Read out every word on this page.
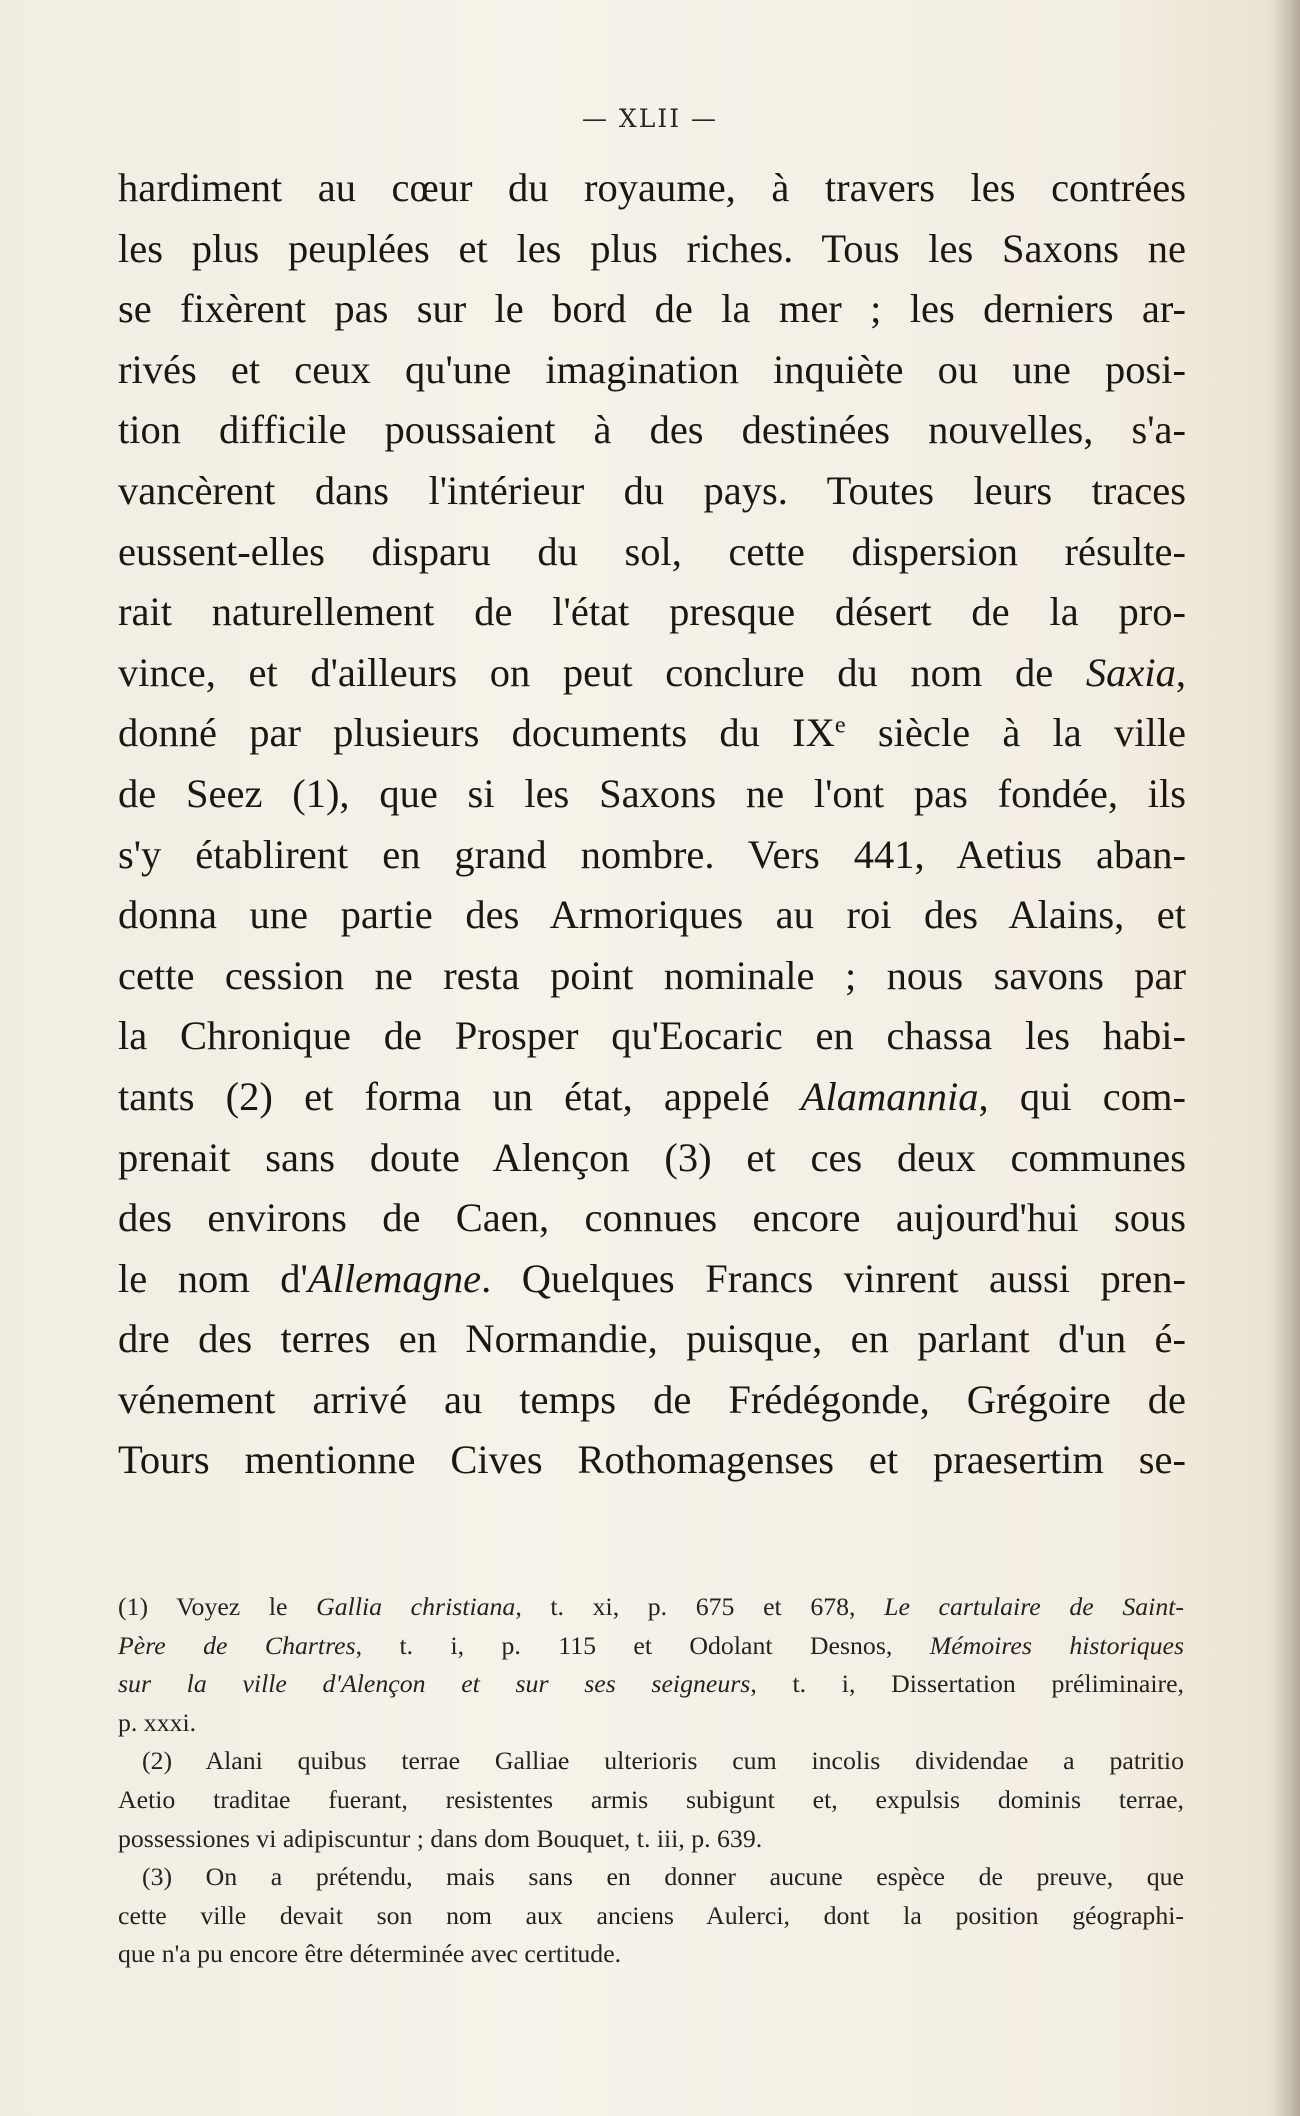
— XLII —
hardiment au cœur du royaume, à travers les contrées
les plus peuplées et les plus riches. Tous les Saxons ne
se fixèrent pas sur le bord de la mer ; les derniers ar-
rivés et ceux qu'une imagination inquiète ou une posi-
tion difficile poussaient à des destinées nouvelles, s'a-
vancèrent dans l'intérieur du pays. Toutes leurs traces
eussent-elles disparu du sol, cette dispersion résulte-
rait naturellement de l'état presque désert de la pro-
vince, et d'ailleurs on peut conclure du nom de Saxia,
donné par plusieurs documents du IXe siècle à la ville
de Seez (1), que si les Saxons ne l'ont pas fondée, ils
s'y établirent en grand nombre. Vers 441, Aetius aban-
donna une partie des Armoriques au roi des Alains, et
cette cession ne resta point nominale ; nous savons par
la Chronique de Prosper qu'Eocaric en chassa les habi-
tants (2) et forma un état, appelé Alamannia, qui com-
prenait sans doute Alençon (3) et ces deux communes
des environs de Caen, connues encore aujourd'hui sous
le nom d'Allemagne. Quelques Francs vinrent aussi pren-
dre des terres en Normandie, puisque, en parlant d'un é-
vénement arrivé au temps de Frédégonde, Grégoire de
Tours mentionne Cives Rothomagenses et praesertim se-
(1) Voyez le Gallia christiana, t. xi, p. 675 et 678, Le cartulaire de Saint-
Père de Chartres, t. i, p. 115 et Odolant Desnos, Mémoires historiques
sur la ville d'Alençon et sur ses seigneurs, t. i, Dissertation préliminaire,
p. xxxi.
(2) Alani quibus terrae Galliae ulterioris cum incolis dividendae a patritio
Aetio traditae fuerant, resistentes armis subigunt et, expulsis dominis terrae,
possessiones vi adipiscuntur ; dans dom Bouquet, t. iii, p. 639.
(3) On a prétendu, mais sans en donner aucune espèce de preuve, que
cette ville devait son nom aux anciens Aulerci, dont la position géographi-
que n'a pu encore être déterminée avec certitude.
